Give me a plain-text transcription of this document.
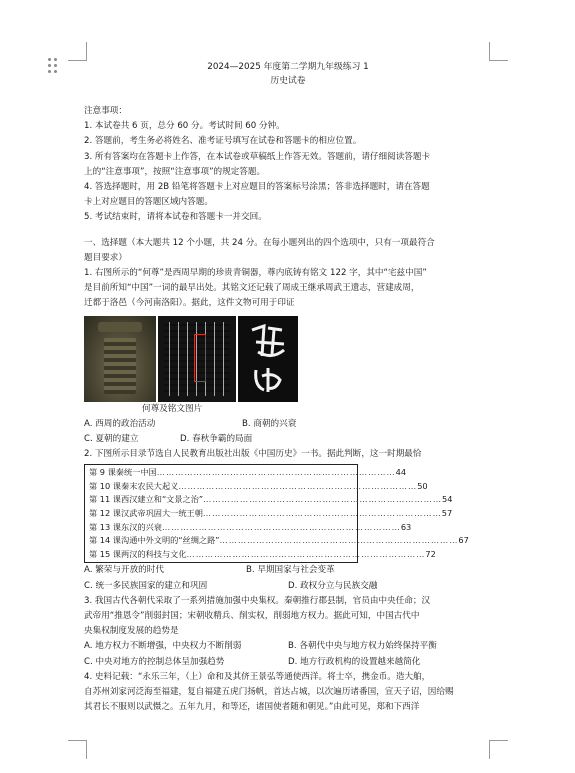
2024—2025 年度第二学期九年级练习 1
历史试卷
注意事项：
1. 本试卷共 6 页，总分 60 分。考试时间 60 分钟。
2. 答题前，考生务必将姓名、准考证号填写在试卷和答题卡的相应位置。
3. 所有答案均在答题卡上作答，在本试卷或草稿纸上作答无效。答题前，请仔细阅读答题卡
上的“注意事项”，按照“注意事项”的规定答题。
4. 答选择题时，用 2B 铅笔将答题卡上对应题目的答案标号涂黑；答非选择题时，请在答题
卡上对应题目的答题区域内答题。
5. 考试结束时，请将本试卷和答题卡一并交回。
一、选择题（本大题共 12 个小题，共 24 分。在每小题列出的四个选项中，只有一项最符合
题目要求）
1. 右图所示的“何尊”是西周早期的珍贵青铜器，尊内底铸有铭文 122 字，其中“宅兹中国”
是目前所知“中国”一词的最早出处。其铭文还记载了周成王继承周武王遗志，营建成周，
迁都于洛邑（今河南洛阳）。据此，这件文物可用于印证
何尊及铭文图片
A. 西周的政治活动	B. 商朝的兴衰
C. 夏朝的建立	D. 春秋争霸的局面
2. 下图所示目录节选自人民教育出版社出版《中国历史》一书。据此判断，这一时期最恰
第 9 课 秦统一中国 …………………………………………………………………… 44
第 10 课 秦末农民大起义 …………………………………………………………………… 50
第 11 课 西汉建立和“文景之治” …………………………………………………………………… 54
第 12 课 汉武帝巩固大一统王朝 …………………………………………………………………… 57
第 13 课 东汉的兴衰 …………………………………………………………………… 63
第 14 课 沟通中外文明的“丝绸之路” …………………………………………………………………… 67
第 15 课 两汉的科技与文化 …………………………………………………………………… 72
A. 繁荣与开放的时代	B. 早期国家与社会变革
C. 统一多民族国家的建立和巩固	D. 政权分立与民族交融
3. 我国古代各朝代采取了一系列措施加强中央集权。秦朝推行郡县制，官员由中央任命；汉
武帝用“推恩令”削弱封国；宋朝收精兵、削实权，削弱地方权力。据此可知，中国古代中
央集权制度发展的趋势是
A. 地方权力不断增强，中央权力不断削弱	B. 各朝代中央与地方权力始终保持平衡
C. 中央对地方的控制总体呈加强趋势	D. 地方行政机构的设置越来越简化
4. 史料记载：“永乐三年，（上）命和及其侪王景弘等通使西洋。将士卒，携金币。造大舶，
自苏州刘家河泛海至福建，复自福建五虎门扬帆，首达占城，以次遍历诸番国，宣天子诏，因给赐
其君长不服则以武慑之。五年九月，和等还，诸国使者随和朝见。”由此可见，郑和下西洋
